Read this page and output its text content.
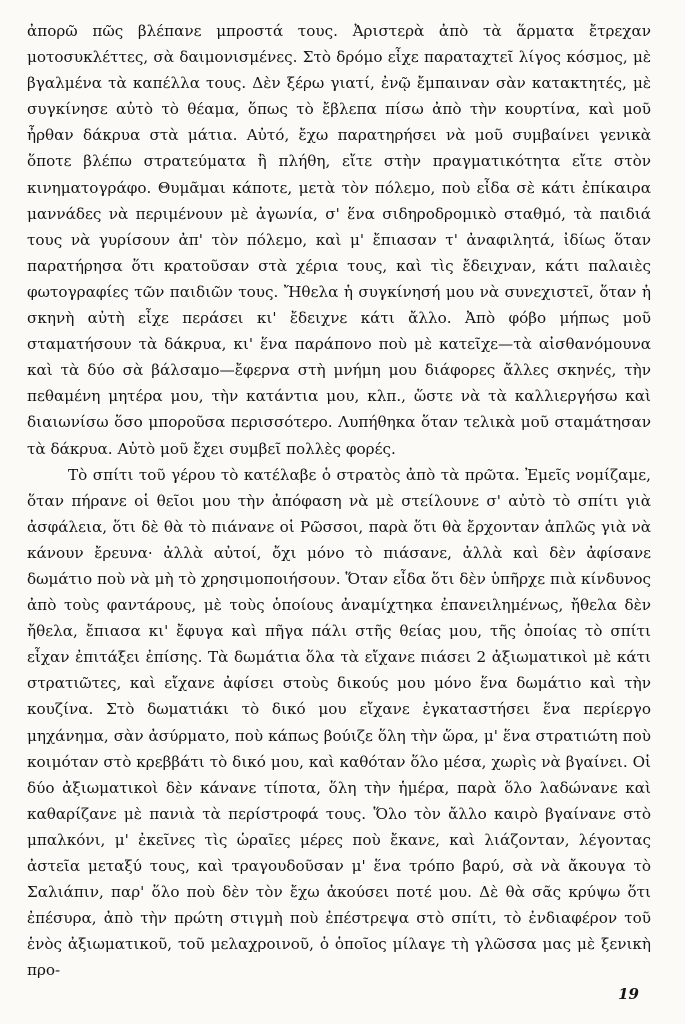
ἀπορῶ πῶς βλέπανε μπροστά τους. Ἀριστερὰ ἀπὸ τὰ ἅρματα ἔτρεχαν μοτοσυκλέττες, σὰ δαιμονισμένες. Στὸ δρόμο εἶχε παραταχτεῖ λίγος κόσμος, μὲ βγαλμένα τὰ καπέλλα τους. Δὲν ξέρω γιατί, ἐνῷ ἔμπαιναν σὰν κατακτητές, μὲ συγκίνησε αὐτὸ τὸ θέαμα, ὅπως τὸ ἔβλεπα πίσω ἀπὸ τὴν κουρτίνα, καὶ μοῦ ἦρθαν δάκρυα στὰ μάτια. Αὐτό, ἔχω παρατηρήσει νὰ μοῦ συμβαίνει γενικὰ ὅποτε βλέπω στρατεύματα ἢ πλήθη, εἴτε στὴν πραγματικότητα εἴτε στὸν κινηματογράφο. Θυμᾶμαι κάποτε, μετὰ τὸν πόλεμο, ποὺ εἶδα σὲ κάτι ἐπίκαιρα μαννάδες νὰ περιμένουν μὲ ἀγωνία, σ' ἕνα σιδηροδρομικὸ σταθμό, τὰ παιδιά τους νὰ γυρίσουν ἀπ' τὸν πόλεμο, καὶ μ' ἔπιασαν τ' ἀναφιλητά, ἰδίως ὅταν παρατήρησα ὅτι κρατοῦσαν στὰ χέρια τους, καὶ τὶς ἔδειχναν, κάτι παλαιὲς φωτογραφίες τῶν παιδιῶν τους. Ἤθελα ἡ συγκίνησή μου νὰ συνεχιστεῖ, ὅταν ἡ σκηνὴ αὐτὴ εἶχε περάσει κι' ἔδειχνε κάτι ἄλλο. Ἀπὸ φόβο μήπως μοῦ σταματήσουν τὰ δάκρυα, κι' ἕνα παράπονο ποὺ μὲ κατεῖχε—τὰ αἰσθανόμουνα καὶ τὰ δύο σὰ βάλσαμο—ἔφερνα στὴ μνήμη μου διάφορες ἄλλες σκηνές, τὴν πεθαμένη μητέρα μου, τὴν κατάντια μου, κλπ., ὥστε νὰ τὰ καλλιεργήσω καὶ διαιωνίσω ὅσο μποροῦσα περισσότερο. Λυπήθηκα ὅταν τελικὰ μοῦ σταμάτησαν τὰ δάκρυα. Αὐτὸ μοῦ ἔχει συμβεῖ πολλὲς φορές.

Τὸ σπίτι τοῦ γέρου τὸ κατέλαβε ὁ στρατὸς ἀπὸ τὰ πρῶτα. Ἐμεῖς νομίζαμε, ὅταν πήρανε οἱ θεῖοι μου τὴν ἀπόφαση νὰ μὲ στείλουνε σ' αὐτὸ τὸ σπίτι γιὰ ἀσφάλεια, ὅτι δὲ θὰ τὸ πιάνανε οἱ Ρῶσσοι, παρὰ ὅτι θὰ ἔρχονταν ἁπλῶς γιὰ νὰ κάνουν ἔρευνα· ἀλλὰ αὐτοί, ὄχι μόνο τὸ πιάσανε, ἀλλὰ καὶ δὲν ἀφίσανε δωμάτιο ποὺ νὰ μὴ τὸ χρησιμοποιήσουν. Ὅταν εἶδα ὅτι δὲν ὑπῆρχε πιὰ κίνδυνος ἀπὸ τοὺς φαντάρους, μὲ τοὺς ὁποίους ἀναμίχτηκα ἐπανειλημένως, ἤθελα δὲν ἤθελα, ἔπιασα κι' ἔφυγα καὶ πῆγα πάλι στῆς θείας μου, τῆς ὁποίας τὸ σπίτι εἶχαν ἐπιτάξει ἐπίσης. Τὰ δωμάτια ὅλα τὰ εἴχανε πιάσει 2 ἀξιωματικοὶ μὲ κάτι στρατιῶτες, καὶ εἴχανε ἀφίσει στοὺς δικούς μου μόνο ἕνα δωμάτιο καὶ τὴν κουζίνα. Στὸ δωματιάκι τὸ δικό μου εἴχανε ἐγκαταστήσει ἕνα περίεργο μηχάνημα, σὰν ἀσύρματο, ποὺ κάπως βούιζε ὅλη τὴν ὥρα, μ' ἕνα στρατιώτη ποὺ κοιμόταν στὸ κρεββάτι τὸ δικό μου, καὶ καθόταν ὅλο μέσα, χωρὶς νὰ βγαίνει. Οἱ δύο ἀξιωματικοὶ δὲν κάνανε τίποτα, ὅλη τὴν ἡμέρα, παρὰ ὅλο λαδώνανε καὶ καθαρίζανε μὲ πανιὰ τὰ περίστροφά τους. Ὅλο τὸν ἄλλο καιρὸ βγαίνανε στὸ μπαλκόνι, μ' ἐκεῖνες τὶς ὡραῖες μέρες ποὺ ἔκανε, καὶ λιάζονταν, λέγοντας ἀστεῖα μεταξύ τους, καὶ τραγουδοῦσαν μ' ἕνα τρόπο βαρύ, σὰ νὰ ἄκουγα τὸ Σαλιάπιν, παρ' ὅλο ποὺ δὲν τὸν ἔχω ἀκούσει ποτέ μου. Δὲ θὰ σᾶς κρύψω ὅτι ἐπέσυρα, ἀπὸ τὴν πρώτη στιγμὴ ποὺ ἐπέστρεψα στὸ σπίτι, τὸ ἐνδιαφέρον τοῦ ἑνὸς ἀξιωματικοῦ, τοῦ μελαχροινοῦ, ὁ ὁποῖος μίλαγε τὴ γλῶσσα μας μὲ ξενικὴ προ-

19
